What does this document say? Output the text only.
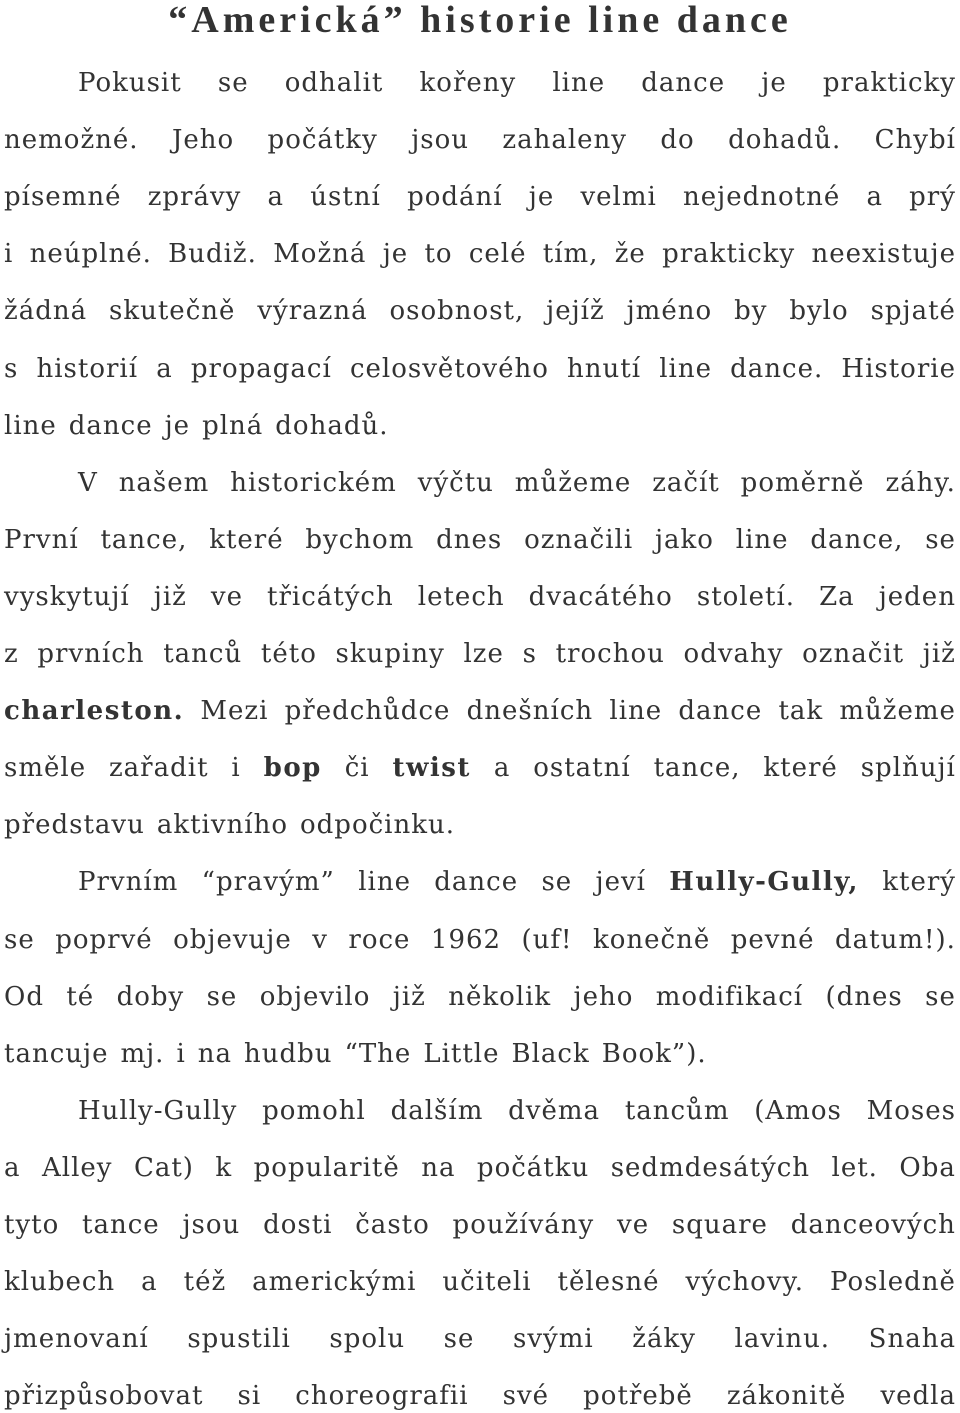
“Americká” historie line dance
Pokusit se odhalit kořeny line dance je prakticky
nemožné. Jeho počátky jsou zahaleny do dohadů. Chybí
písemné zprávy a ústní podání je velmi nejednotné a prý
i neúplné. Budiž. Možná je to celé tím, že prakticky neexistuje
žádná skutečně výrazná osobnost, jejíž jméno by bylo spjaté
s historií a propagací celosvětového hnutí line dance. Historie
line dance je plná dohadů.
V našem historickém výčtu můžeme začít poměrně záhy.
První tance, které bychom dnes označili jako line dance, se
vyskytují již ve třicátých letech dvacátého století. Za jeden
z prvních tanců této skupiny lze s trochou odvahy označit již
charleston. Mezi předchůdce dnešních line dance tak můžeme
směle zařadit i bop či twist a ostatní tance, které splňují
představu aktivního odpočinku.
Prvním “pravým” line dance se jeví Hully-Gully, který
se poprvé objevuje v roce 1962 (uf! konečně pevné datum!).
Od té doby se objevilo již několik jeho modifikací (dnes se
tancuje mj. i na hudbu “The Little Black Book”).
Hully-Gully pomohl dalším dvěma tancům (Amos Moses
a Alley Cat) k popularitě na počátku sedmdesátých let. Oba
tyto tance jsou dosti často používány ve square danceových
klubech a též americkými učiteli tělesné výchovy. Posledně
jmenovaní spustili spolu se svými žáky lavinu. Snaha
přizpůsobovat si choreografii své potřebě zákonitě vedla
